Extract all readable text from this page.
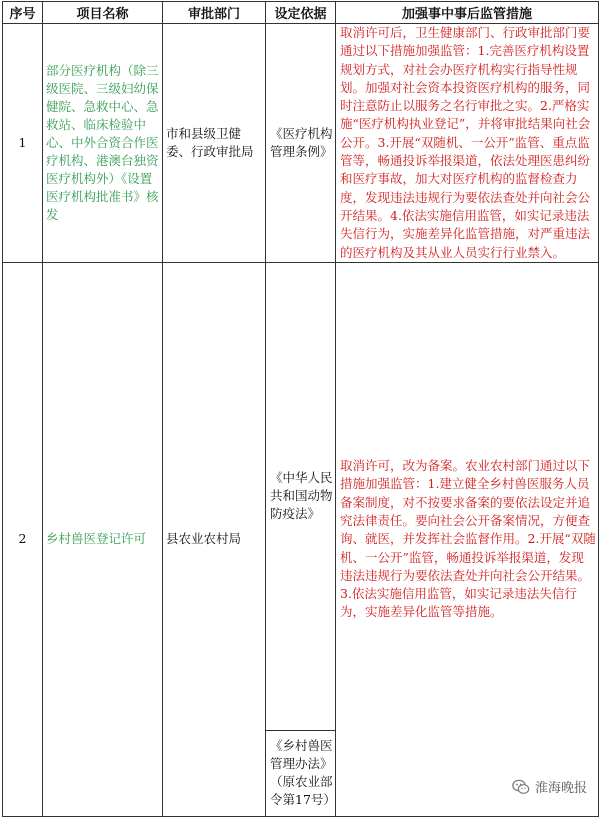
序号	项目名称	审批部门	设定依据	加强事中事后监管措施
1	部分医疗机构（除三级医院、三级妇幼保健院、急救中心、急救站、临床检验中心、中外合资合作医疗机构、港澳台独资医疗机构外）《设置医疗机构批准书》核发	市和县级卫健委、行政审批局	《医疗机构管理条例》	取消许可后，卫生健康部门、行政审批部门要通过以下措施加强监管：1.完善医疗机构设置规划方式，对社会办医疗机构实行指导性规划。加强对社会资本投资医疗机构的服务，同时注意防止以服务之名行审批之实。2.严格实施“医疗机构执业登记”，并将审批结果向社会公开。3.开展“双随机、一公开”监管、重点监管等，畅通投诉举报渠道，依法处理医患纠纷和医疗事故，加大对医疗机构的监督检查力度，发现违法违规行为要依法查处并向社会公开结果。4.依法实施信用监管，如实记录违法失信行为，实施差异化监管措施，对严重违法的医疗机构及其从业人员实行行业禁入。

2	乡村兽医登记许可	县农业农村局	《中华人民共和国动物防疫法》	取消许可，改为备案。农业农村部门通过以下措施加强监管：1.建立健全乡村兽医服务人员备案制度，对不按要求备案的要依法设定并追究法律责任。要向社会公开备案情况，方便查询、就医，并发挥社会监督作用。2.开展“双随机、一公开”监管，畅通投诉举报渠道，发现违法违规行为要依法查处并向社会公开结果。3.依法实施信用监管，如实记录违法失信行为，实施差异化监管等措施。

			《乡村兽医管理办法》（原农业部令第17号）	
淮海晚报
